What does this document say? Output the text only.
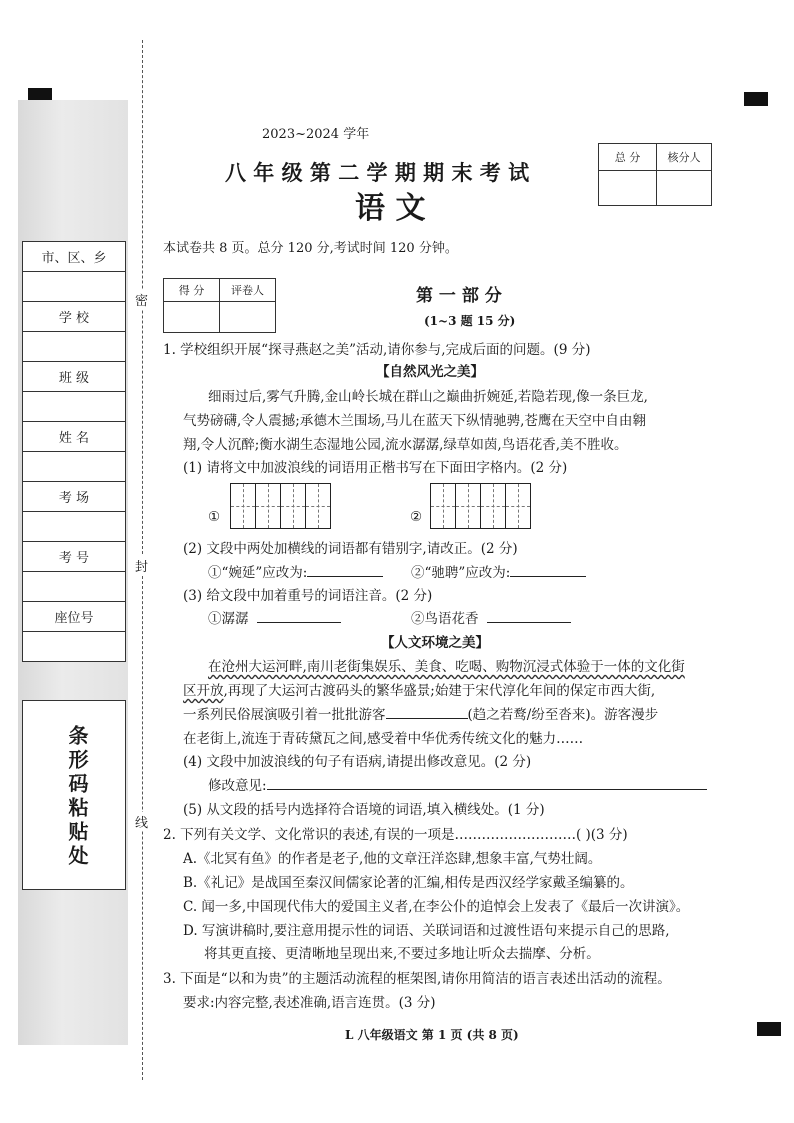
市、区、乡

学 校

班 级

姓 名

考 场

考 号

座位号

条形码粘贴处
密
封
线
2023~2024 学年
八 年 级 第 二 学 期 期 末 考 试
语 文
总 分	核分人

本试卷共 8 页。总分 120 分,考试时间 120 分钟。
得 分	评卷人
		第 一 部 分
(1~3 题 15 分)
1. 学校组织开展“探寻燕赵之美”活动,请你参与,完成后面的问题。(9 分)
【自然风光之美】
细雨过后,雾气升腾,金山岭长城在群山之巅曲折婉延,若隐若现,像一条巨龙,
气势磅礴,令人震撼;承德木兰围场,马儿在蓝天下纵情驰骋,苍鹰在天空中自由翱
翔,令人沉醉;衡水湖生态湿地公园,流水潺潺,绿草如茵,鸟语花香,美不胜收。
(1) 请将文中加波浪线的词语用正楷书写在下面田字格内。(2 分)
①	②
(2) 文段中两处加横线的词语都有错别字,请改正。(2 分)
①“婉延”应改为:	②“驰聘”应改为:
(3) 给文段中加着重号的词语注音。(2 分)
①潺潺	②鸟语花香
【人文环境之美】
在沧州大运河畔,南川老街集娱乐、美食、吃喝、购物沉浸式体验于一体的文化街
区开放,再现了大运河古渡码头的繁华盛景;始建于宋代淳化年间的保定市西大街,
一系列民俗展演吸引着一批批游客	(趋之若鹜/纷至沓来)。游客漫步
在老街上,流连于青砖黛瓦之间,感受着中华优秀传统文化的魅力……
(4) 文段中加波浪线的句子有语病,请提出修改意见。(2 分)
修改意见:
(5) 从文段的括号内选择符合语境的词语,填入横线处。(1 分)
2. 下列有关文学、文化常识的表述,有误的一项是………………………( )(3 分)
A.《北冥有鱼》的作者是老子,他的文章汪洋恣肆,想象丰富,气势壮阔。
B.《礼记》是战国至秦汉间儒家论著的汇编,相传是西汉经学家戴圣编纂的。
C. 闻一多,中国现代伟大的爱国主义者,在李公仆的追悼会上发表了《最后一次讲演》。
D. 写演讲稿时,要注意用提示性的词语、关联词语和过渡性语句来提示自己的思路,
将其更直接、更清晰地呈现出来,不要过多地让听众去揣摩、分析。
3. 下面是“以和为贵”的主题活动流程的框架图,请你用简洁的语言表述出活动的流程。
要求:内容完整,表述准确,语言连贯。(3 分)
L 八年级语文 第 1 页 (共 8 页)
